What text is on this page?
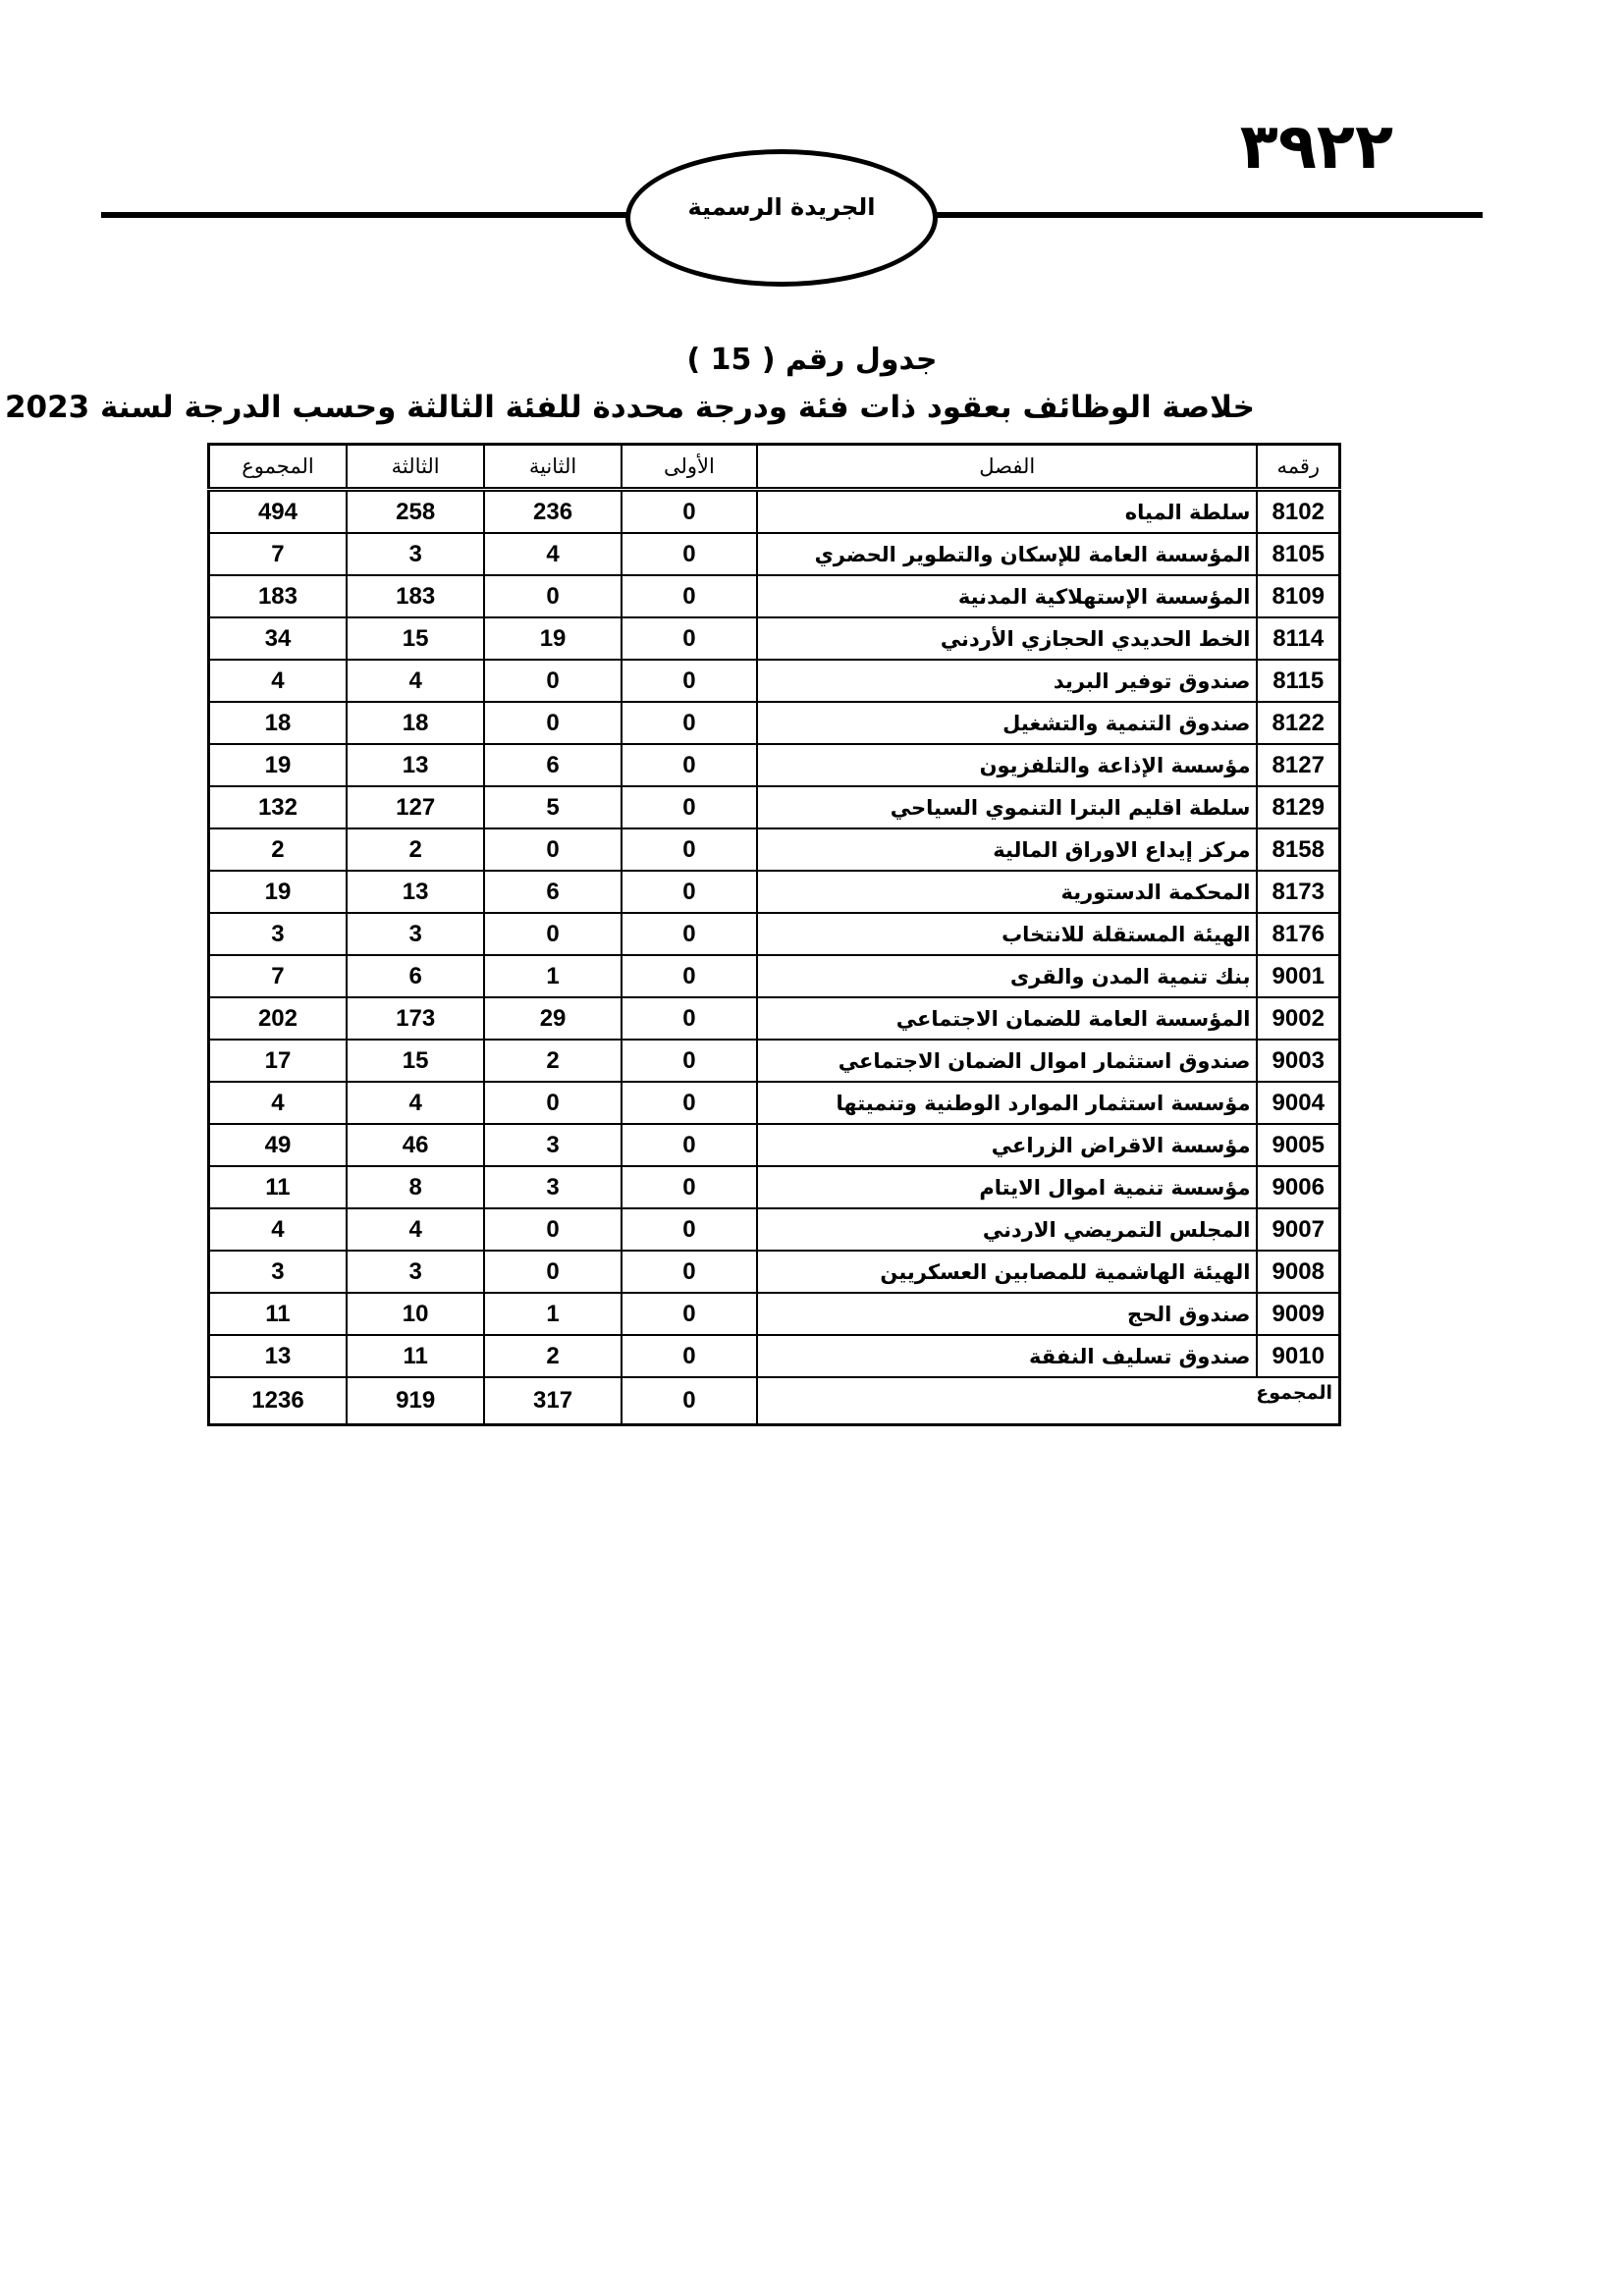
٣٩٢٢
الجريدة الرسمية
جدول رقم ( 15 )
خلاصة الوظائف بعقود ذات فئة ودرجة محددة للفئة الثالثة وحسب الدرجة لسنة 2023
رقمه	الفصل	الأولى	الثانية	الثالثة	المجموع
8102	سلطة المياه	0	236	258	494
8105	المؤسسة العامة للإسكان والتطوير الحضري	0	4	3	7
8109	المؤسسة الإستهلاكية المدنية	0	0	183	183
8114	الخط الحديدي الحجازي الأردني	0	19	15	34
8115	صندوق توفير البريد	0	0	4	4
8122	صندوق التنمية والتشغيل	0	0	18	18
8127	مؤسسة الإذاعة والتلفزيون	0	6	13	19
8129	سلطة اقليم البترا التنموي السياحي	0	5	127	132
8158	مركز إيداع الاوراق المالية	0	0	2	2
8173	المحكمة الدستورية	0	6	13	19
8176	الهيئة المستقلة للانتخاب	0	0	3	3
9001	بنك تنمية المدن والقرى	0	1	6	7
9002	المؤسسة العامة للضمان الاجتماعي	0	29	173	202
9003	صندوق استثمار اموال الضمان الاجتماعي	0	2	15	17
9004	مؤسسة استثمار الموارد الوطنية وتنميتها	0	0	4	4
9005	مؤسسة الاقراض الزراعي	0	3	46	49
9006	مؤسسة تنمية اموال الايتام	0	3	8	11
9007	المجلس التمريضي الاردني	0	0	4	4
9008	الهيئة الهاشمية للمصابين العسكريين	0	0	3	3
9009	صندوق الحج	0	1	10	11
9010	صندوق تسليف النفقة	0	2	11	13
المجموع		0	317	919	1236
